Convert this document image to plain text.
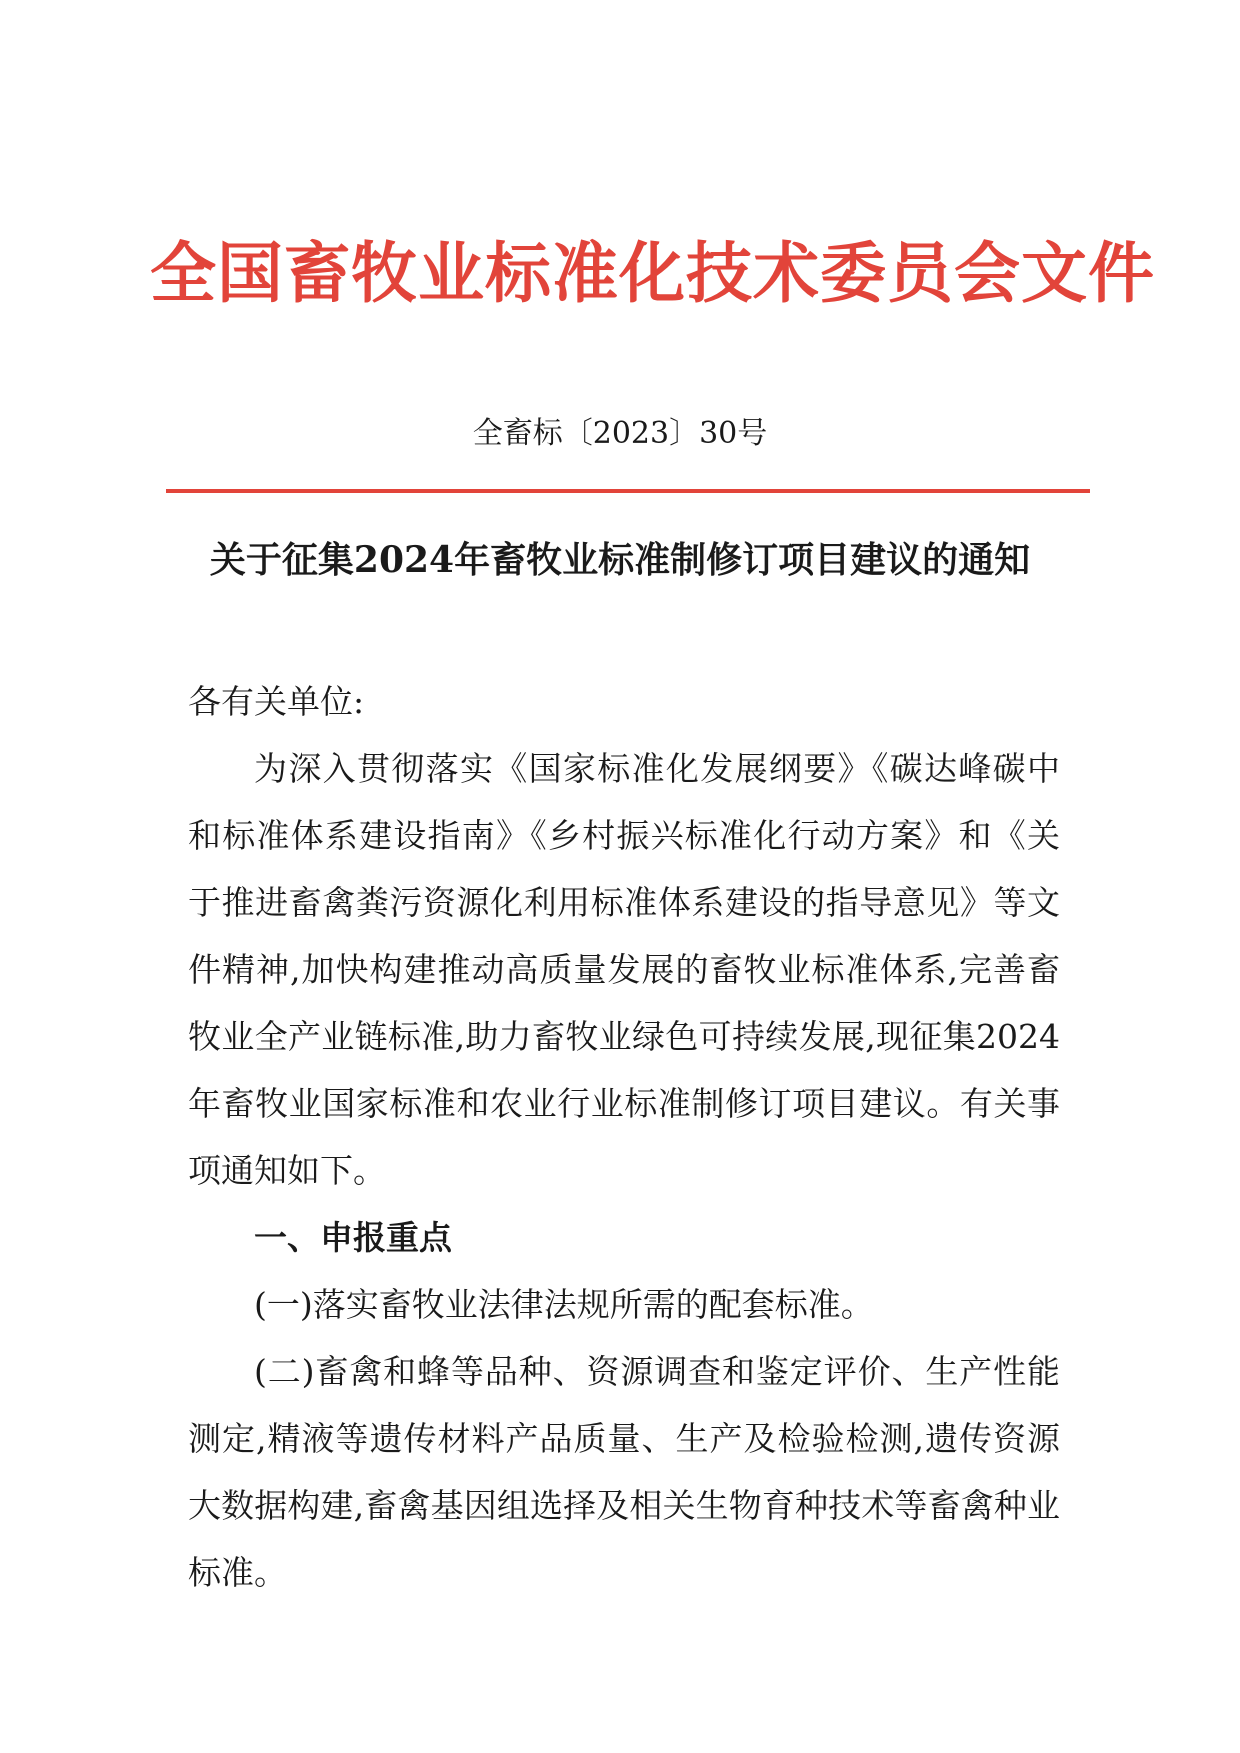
全国畜牧业标准化技术委员会文件
全畜标〔2023〕30号
关于征集2024年畜牧业标准制修订项目建议的通知

各有关单位:

为深入贯彻落实《国家标准化发展纲要》《碳达峰碳中和标准体系建设指南》《乡村振兴标准化行动方案》和《关于推进畜禽粪污资源化利用标准体系建设的指导意见》等文件精神,加快构建推动高质量发展的畜牧业标准体系,完善畜牧业全产业链标准,助力畜牧业绿色可持续发展,现征集2024年畜牧业国家标准和农业行业标准制修订项目建议。有关事项通知如下。

一、申报重点

(一)落实畜牧业法律法规所需的配套标准。

(二)畜禽和蜂等品种、资源调查和鉴定评价、生产性能测定,精液等遗传材料产品质量、生产及检验检测,遗传资源大数据构建,畜禽基因组选择及相关生物育种技术等畜禽种业标准。
